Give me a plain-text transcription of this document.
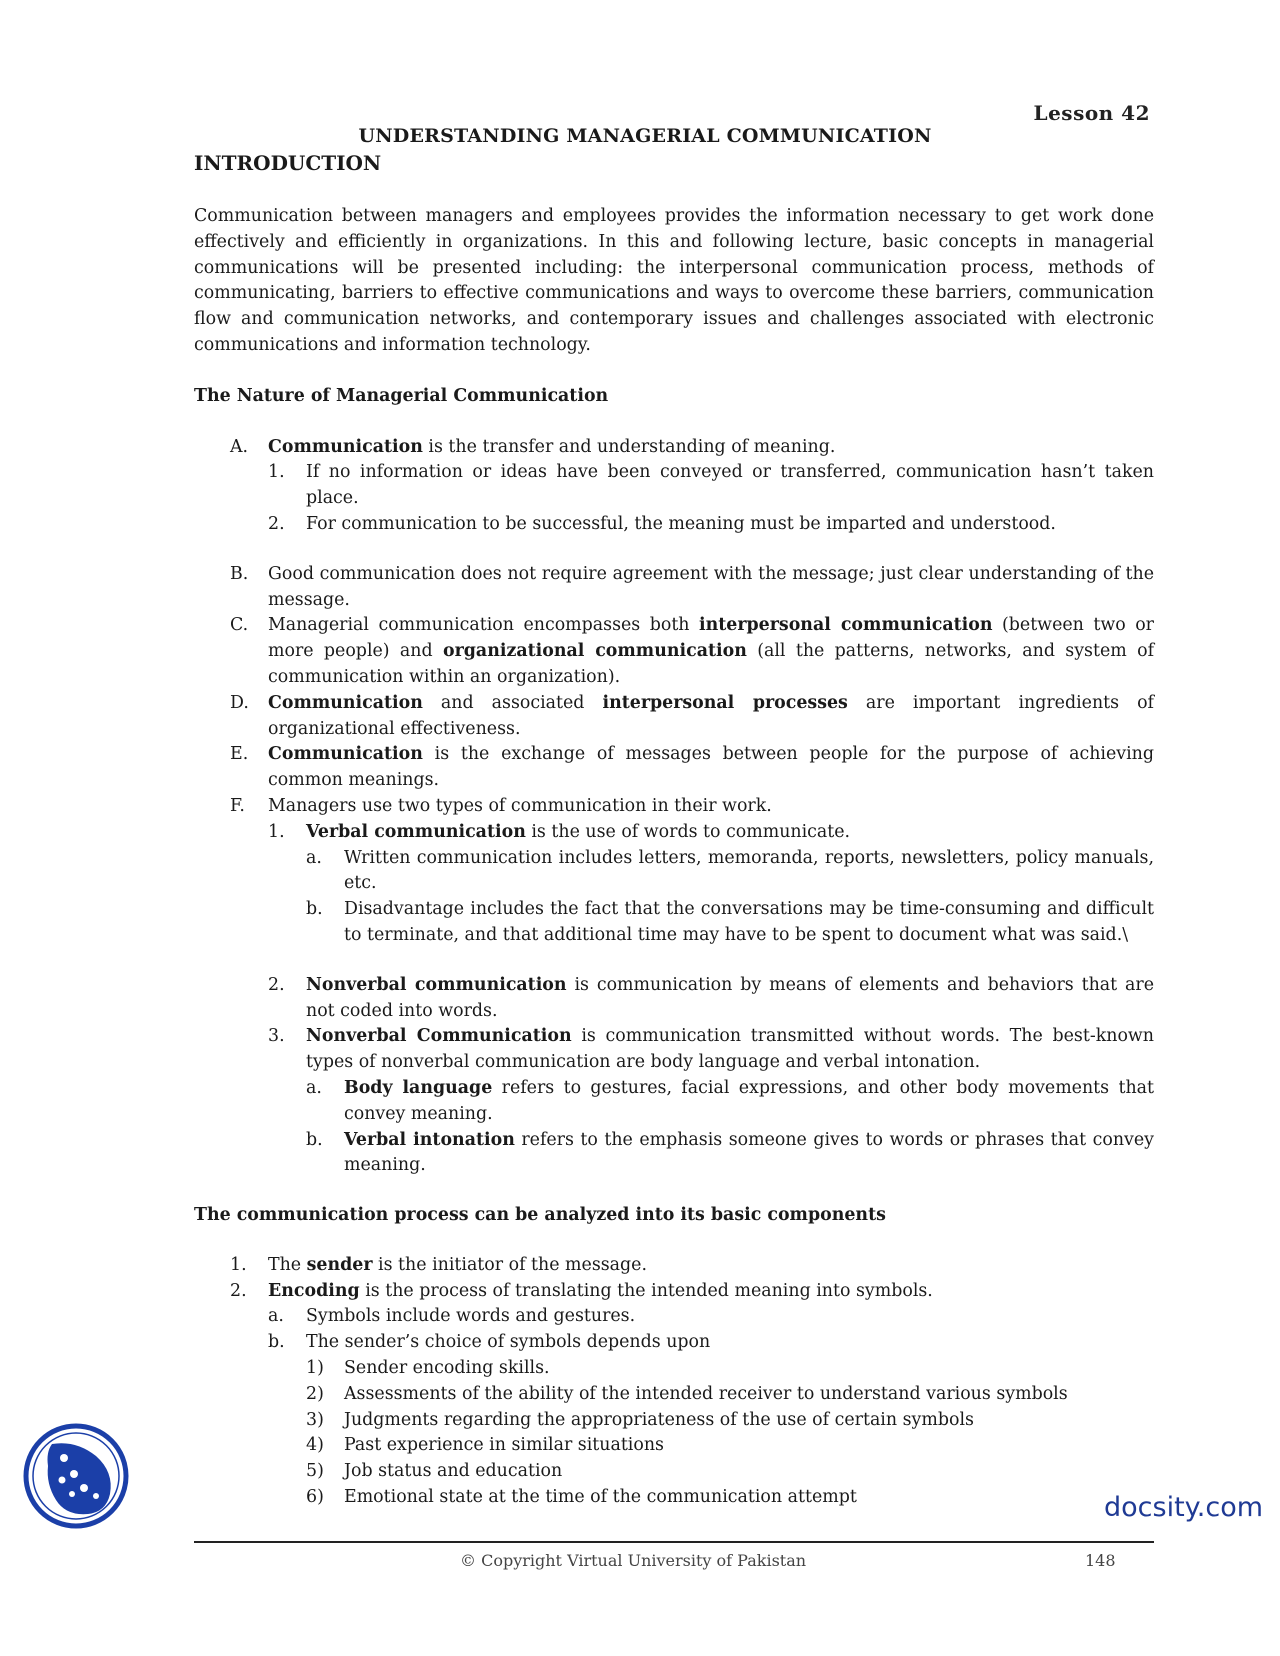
Lesson 42
UNDERSTANDING MANAGERIAL COMMUNICATION
INTRODUCTION

Communication between managers and employees provides the information necessary to get work done effectively and efficiently in organizations. In this and following lecture, basic concepts in managerial communications will be presented including: the interpersonal communication process, methods of communicating, barriers to effective communications and ways to overcome these barriers, communication flow and communication networks, and contemporary issues and challenges associated with electronic communications and information technology.

The Nature of Managerial Communication

A.	Communication is the transfer and understanding of meaning.

1.	If no information or ideas have been conveyed or transferred, communication hasn’t taken place.

2.	For communication to be successful, the meaning must be imparted and understood.

B.	Good communication does not require agreement with the message; just clear understanding of the message.

C.	Managerial communication encompasses both interpersonal communication (between two or more people) and organizational communication (all the patterns, networks, and system of communication within an organization).

D.	Communication and associated interpersonal processes are important ingredients of organizational effectiveness.

E.	Communication is the exchange of messages between people for the purpose of achieving common meanings.

F.	Managers use two types of communication in their work.

1.	Verbal communication is the use of words to communicate.

a.	Written communication includes letters, memoranda, reports, newsletters, policy manuals, etc.

b.	Disadvantage includes the fact that the conversations may be time-consuming and difficult to terminate, and that additional time may have to be spent to document what was said.\

2.	Nonverbal communication is communication by means of elements and behaviors that are not coded into words.

3.	Nonverbal Communication is communication transmitted without words. The best-known types of nonverbal communication are body language and verbal intonation.

a.	Body language refers to gestures, facial expressions, and other body movements that convey meaning.

b.	Verbal intonation refers to the emphasis someone gives to words or phrases that convey meaning.

The communication process can be analyzed into its basic components

1.	The sender is the initiator of the message.

2.	Encoding is the process of translating the intended meaning into symbols.

a.	Symbols include words and gestures.

b.	The sender’s choice of symbols depends upon

1)	Sender encoding skills.

2)	Assessments of the ability of the intended receiver to understand various symbols

3)	Judgments regarding the appropriateness of the use of certain symbols

4)	Past experience in similar situations

5)	Job status and education

6)	Emotional state at the time of the communication attempt

© Copyright Virtual University of Pakistan	148
docsity.com
